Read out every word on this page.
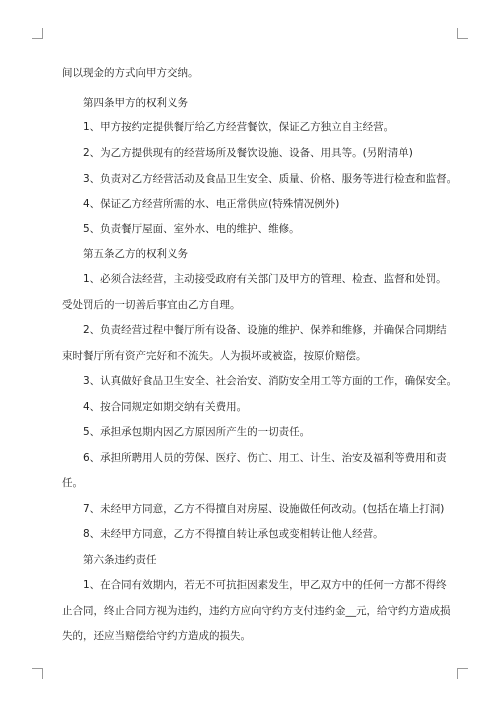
间以现金的方式向甲方交纳。
第四条甲方的权利义务
1、甲方按约定提供餐厅给乙方经营餐饮，保证乙方独立自主经营。
2、为乙方提供现有的经营场所及餐饮设施、设备、用具等。(另附清单)
3、负责对乙方经营活动及食品卫生安全、质量、价格、服务等进行检查和监督。
4、保证乙方经营所需的水、电正常供应(特殊情况例外)
5、负责餐厅屋面、室外水、电的维护、维修。
第五条乙方的权利义务
1、必须合法经营，主动接受政府有关部门及甲方的管理、检查、监督和处罚。
受处罚后的一切善后事宜由乙方自理。
2、负责经营过程中餐厅所有设备、设施的维护、保养和维修，并确保合同期结
束时餐厅所有资产完好和不流失。人为损坏或被盗，按原价赔偿。
3、认真做好食品卫生安全、社会治安、消防安全用工等方面的工作，确保安全。
4、按合同规定如期交纳有关费用。
5、承担承包期内因乙方原因所产生的一切责任。
6、承担所聘用人员的劳保、医疗、伤亡、用工、计生、治安及福利等费用和责
任。
7、未经甲方同意，乙方不得擅自对房屋、设施做任何改动。(包括在墙上打洞)
8、未经甲方同意，乙方不得擅自转让承包或变相转让他人经营。
第六条违约责任
1、在合同有效期内，若无不可抗拒因素发生，甲乙双方中的任何一方都不得终
止合同，终止合同方视为违约，违约方应向守约方支付违约金__元，给守约方造成损
失的，还应当赔偿给守约方造成的损失。
